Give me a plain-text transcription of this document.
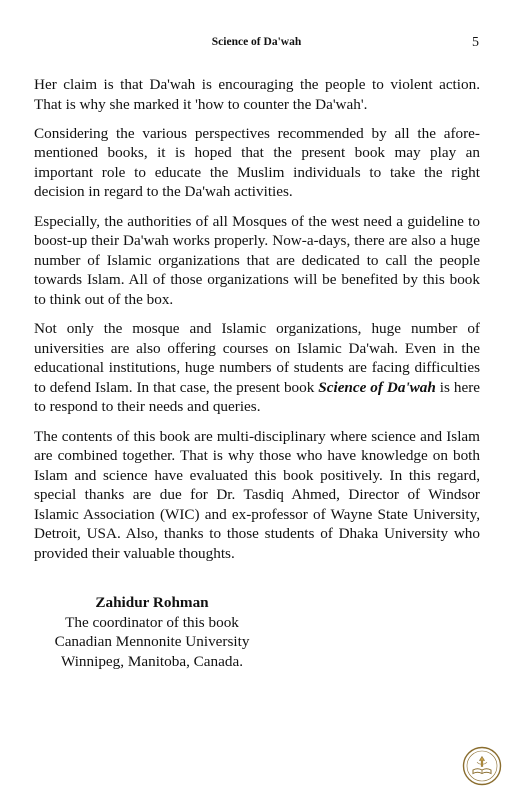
Science of Da'wah	5

Her claim is that Da'wah is encouraging the people to violent action. That is why she marked it 'how to counter the Da'wah'.

Considering the various perspectives recommended by all the afore-mentioned books, it is hoped that the present book may play an important role to educate the Muslim individuals to take the right decision in regard to the Da'wah activities.

Especially, the authorities of all Mosques of the west need a guideline to boost-up their Da'wah works properly. Now-a-days, there are also a huge number of Islamic organizations that are dedicated to call the people towards Islam. All of those organizations will be benefited by this book to think out of the box.

Not only the mosque and Islamic organizations, huge number of universities are also offering courses on Islamic Da'wah. Even in the educational institutions, huge numbers of students are facing difficulties to defend Islam. In that case, the present book Science of Da'wah is here to respond to their needs and queries.

The contents of this book are multi-disciplinary where science and Islam are combined together. That is why those who have knowledge on both Islam and science have evaluated this book positively. In this regard, special thanks are due for Dr. Tasdiq Ahmed, Director of Windsor Islamic Association (WIC) and ex-professor of Wayne State University, Detroit, USA. Also, thanks to those students of Dhaka University who provided their valuable thoughts.

Zahidur Rohman
The coordinator of this book
Canadian Mennonite University
Winnipeg, Manitoba, Canada.
